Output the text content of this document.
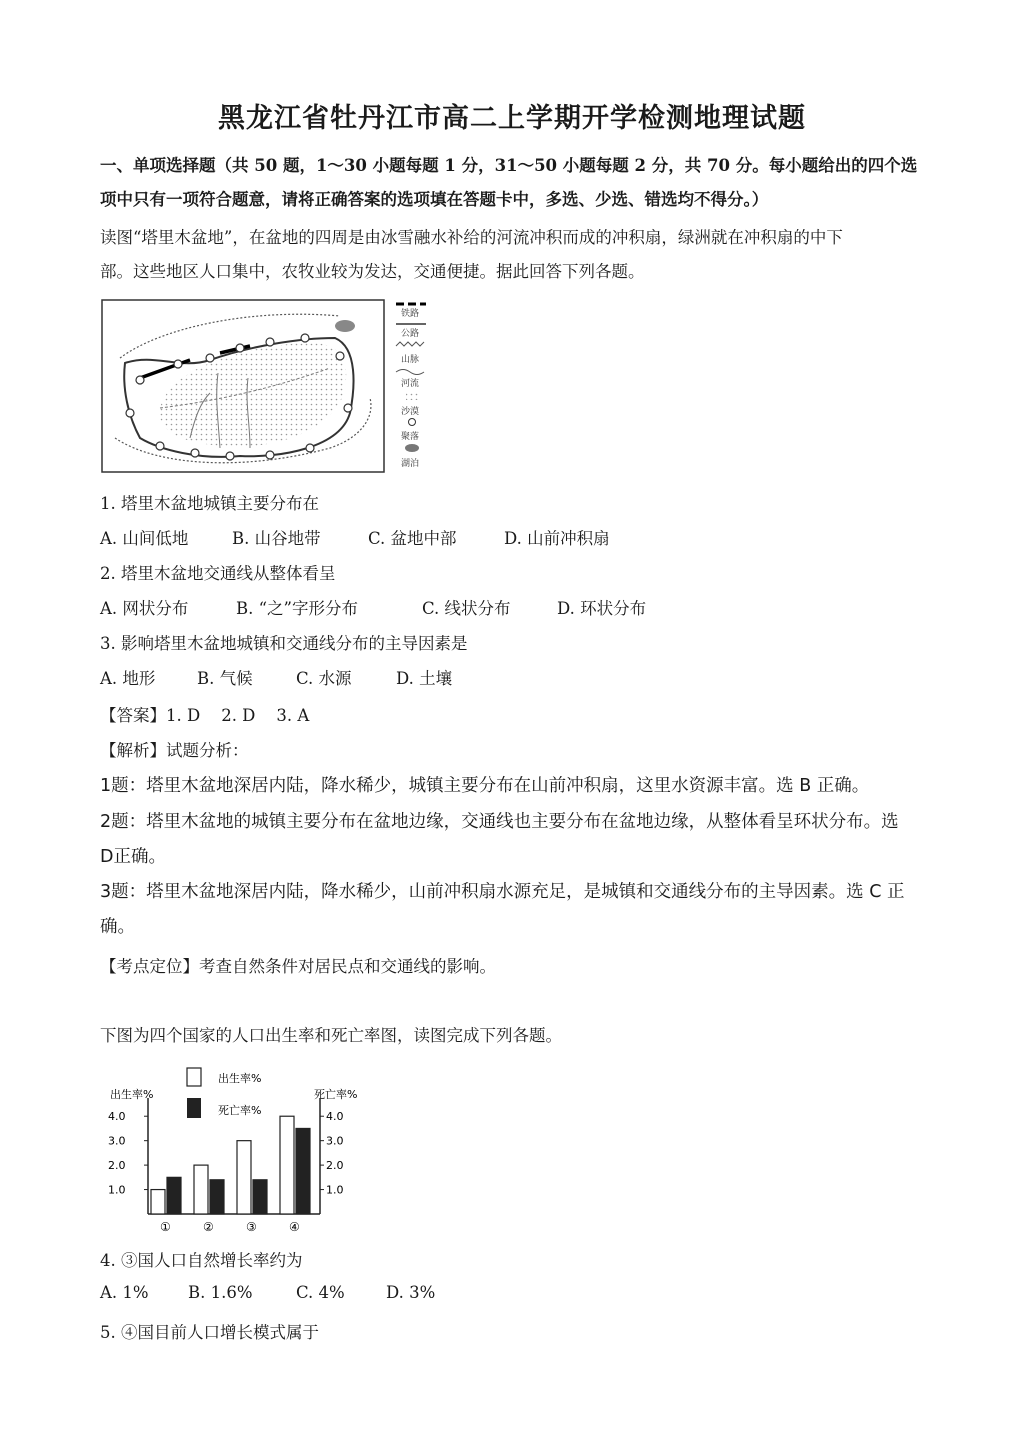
黑龙江省牡丹江市高二上学期开学检测地理试题
一、单项选择题（共 50 题，1～30 小题每题 1 分，31～50 小题每题 2 分，共 70 分。每小题给出的四个选
项中只有一项符合题意，请将正确答案的选项填在答题卡中，多选、少选、错选均不得分。）
读图“塔里木盆地”，在盆地的四周是由冰雪融水补给的河流冲积而成的冲积扇，绿洲就在冲积扇的中下
部。这些地区人口集中，农牧业较为发达，交通便捷。据此回答下列各题。
铁路
公路
山脉
河流
沙漠
聚落
湖泊
1. 塔里木盆地城镇主要分布在
A. 山间低地	B. 山谷地带	C. 盆地中部	D. 山前冲积扇
2. 塔里木盆地交通线从整体看呈
A. 网状分布	B. “之”字形分布	C. 线状分布	D. 环状分布
3. 影响塔里木盆地城镇和交通线分布的主导因素是
A. 地形	B. 气候	C. 水源	D. 土壤
【答案】1. D    2. D    3. A
【解析】试题分析：
1题：塔里木盆地深居内陆，降水稀少，城镇主要分布在山前冲积扇，这里水资源丰富。选 B 正确。
2题：塔里木盆地的城镇主要分布在盆地边缘，交通线也主要分布在盆地边缘，从整体看呈环状分布。选
D正确。
3题：塔里木盆地深居内陆，降水稀少，山前冲积扇水源充足，是城镇和交通线分布的主导因素。选 C 正
确。
【考点定位】考查自然条件对居民点和交通线的影响。
下图为四个国家的人口出生率和死亡率图，读图完成下列各题。
出生率%	死亡率%
出生率%
死亡率%
1.0
2.0
3.0
4.0
1.0
2.0
3.0
4.0
①	②	③	④
4. ③国人口自然增长率约为
A. 1% B. 1.6%	C. 4%	D. 3%
5. ④国目前人口增长模式属于
